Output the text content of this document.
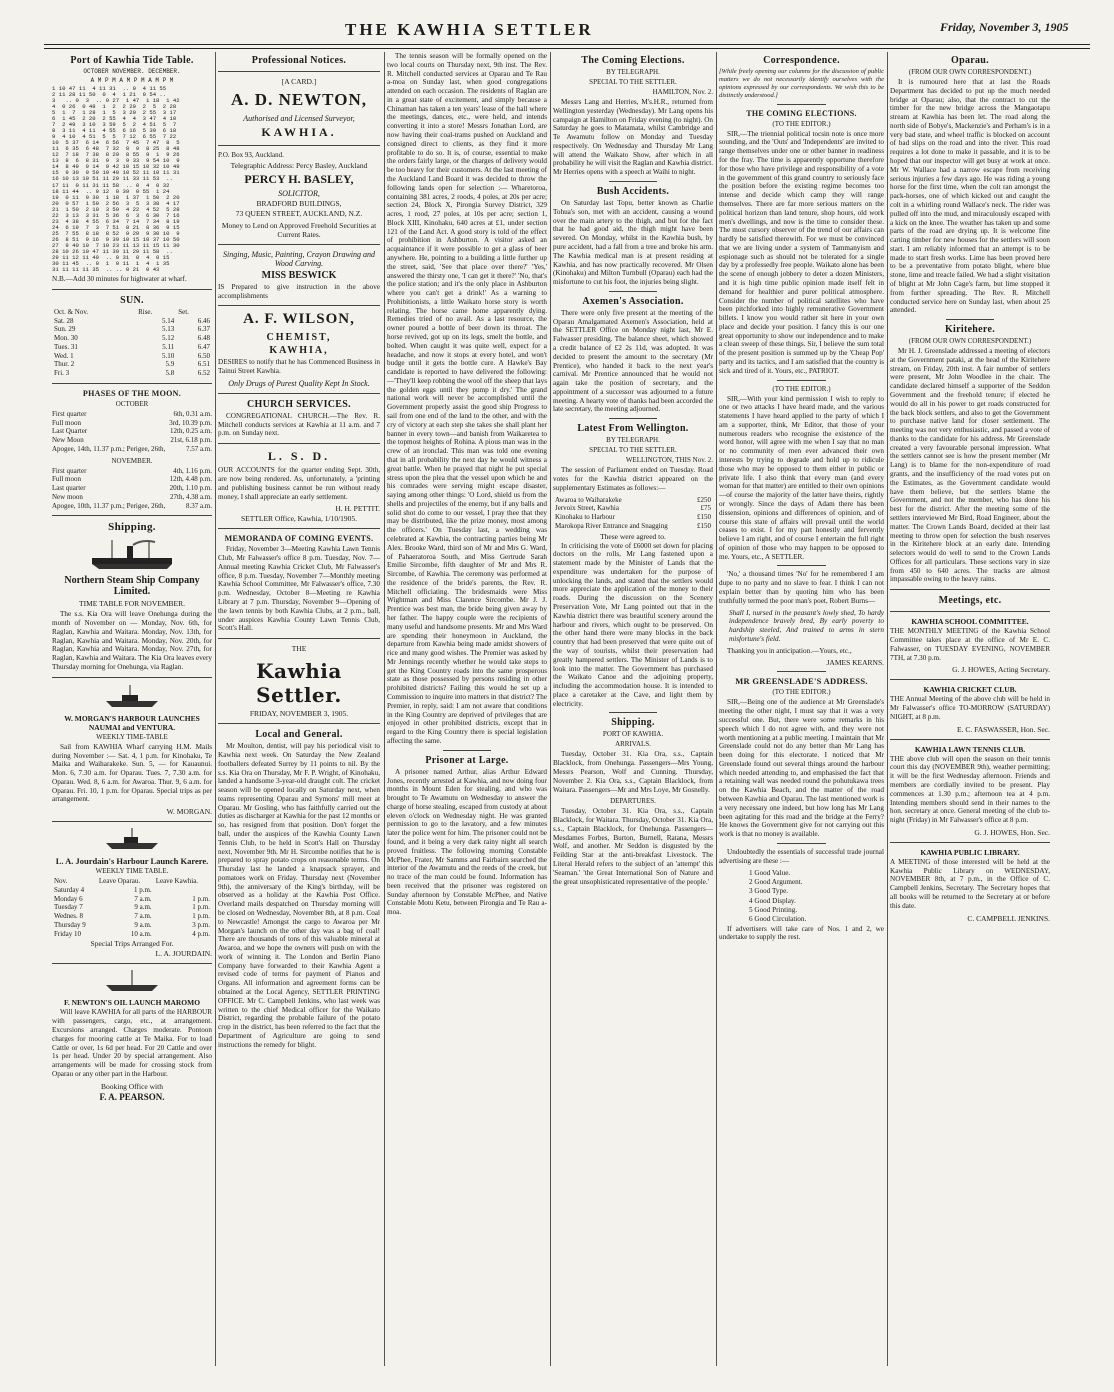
THE KAWHIA SETTLER	Friday, November 3, 1905
Port of Kawhia Tide Table.
OCTOBER NOVEMBER. DECEMBER.
A M P M A M P M A M P M
1 10 47 11  4 11 31  .. 0  4 11 55
2 11 28 11 50  0  4  1 21  0 54 ..
3   .. 0  3  .. 0 27  1 47  1 18  1 42
4  0 26  0 48  1  2  2 29  2  5  2 28
5  1  7  1 28  1  5  3 20  2 55  3 17
6  1 45  2 20  2 55  4  4  3 47  4 10
7  2 49  3 10  3 59  5  2  4 51  5  7
8  3 11  4 11  4 55  6 16  5 39  6 18
9  4 10  4 51  5  5  7 12  6 55  7 22
10  5 37  6 14  6 56  7 45  7 47  8  5
11  6 35  6 48  7 32  8  9  8 25  8 48
12  7 18  7 38  8 29  8 55  9  1  9 26
13  8  6  8 31  9  3  9 33  9 54 10  9
14  8 49  9 14  9 42 10 15 10 32 10 49
15  9 30  9 59 10 40 10 52 11 10 11 31
16 10 13 10 51 11 20 11 33 11 53  ..
17 11  0 11 31 11 58  .. 0  4  0 32
18 11 44  .. 0 12  0 39  0 55  1 24
19  0 11  0 30  1 18  1 37  1 50  2 20
20  0 57  1 50  2 56  3  5  3 38  4 17
21  1 50  2 10  3 59  4 22  4 52  5 28
22  3 13  3 31  5 36  6  3  6 30  7 16
23  4 38  4 55  6 34  7 14  7 34  8 19
24  6 19  7  3  7 51  8 21  8 36  9 15
25  7 55  8 18  8 52  9 29  9 30 10  9
26  8 51  9 16  9 39 10 15 10 37 10 50
27  9 40 10  7 10 23 11 13 11 15 11 30
28 10 26 10 47 11 39 11 29 11 58  ..
29 11 12 11 49  .. 0 31  0  4  0 15
30 11 45  .. 0  1  0 11  1  4  1 35
31 11 11 11 35  .. .. 0 21  0 43
N.B.—Add 30 minutes for highwater at wharf.
SUN.
Oct. & Nov.	Rise.	Set.
Sat. 28	5.14	6.46
Sun. 29	5.13	6.37
Mon. 30	5.12	6.48
Tues. 31	5.11	6.47
Wed. 1	5.10	6.50
Thur. 2	5.9	6.51
Fri. 3	5.8	6.52
PHASES OF THE MOON.
OCTOBER
First quarter	6th, 0.31 a.m.
Full moon	3rd, 10.39 p.m.
Last Quarter	12th, 0.25 a.m.
New Moon	21st, 6.18 p.m.
Apogee, 14th, 11.37 p.m.; Perigee, 26th,	7.57 a.m.
NOVEMBER.
First quarter	4th, 1.16 p.m.
Full moon	12th, 4.48 p.m.
Last quarter	20th, 1.10 p.m.
New moon	27th, 4.38 a.m.
Apogee, 10th, 11.37 p.m.; Perigee, 26th,	8.37 a.m.
Shipping.
Northern Steam Ship Company Limited.
TIME TABLE FOR NOVEMBER.
The s.s. Kia Ora will leave Onehunga during the month of November on — Monday, Nov. 6th, for Raglan, Kawhia and Waitara. Monday, Nov. 13th, for Raglan, Kawhia and Waitara. Monday, Nov. 20th, for Raglan, Kawhia and Waitara. Monday, Nov. 27th, for Raglan, Kawhia and Waitara. The Kia Ora leaves every Thursday morning for Onehunga, via Raglan.
W. MORGAN'S HARBOUR LAUNCHES NAUMAI and VENTURA.
WEEKLY TIME-TABLE
Sail from KAWHIA Wharf carrying H.M. Mails during November :— Sat. 4, 1 p.m. for Kinohaku, Te Maika and Waiharakeke. Sun. 5, — for Kauaunui. Mon. 6, 7.30 a.m. for Oparau. Tues. 7, 7.30 a.m. for Oparau. Wed. 8, 6 a.m. for Awaroa. Thur. 9, 6 a.m. for Oparau. Fri. 10, 1 p.m. for Oparau. Special trips as per arrangement.
W. MORGAN.
L. A. Jourdain's Harbour Launch Karere.
WEEKLY TIME TABLE.
Nov.	Leave Oparau.	Leave Kawhia.
Saturday 4	1 p.m.	
Monday 6	7 a.m.	1 p.m.
Tuesday 7	9 a.m.	1 p.m.
Wednes. 8	7 a.m.	1 p.m.
Thursday 9	9 a.m.	3 p.m.
Friday 10	10 a.m.	4 p.m.
Special Trips Arranged For.
L. A. JOURDAIN.
F. NEWTON'S OIL LAUNCH MAROMO
Will leave KAWHIA for all parts of the HARBOUR with passengers, cargo, etc., at arrangement. Excursions arranged. Charges moderate. Pontoon charges for mooring cattle at Te Maika. For to load Cattle or over, 1s 6d per head. For 20 Cattle and over 1s per head. Under 20 by special arrangement. Also arrangements will be made for crossing stock from Oparau or any other part in the Harbour.
Booking Office with
F. A. PEARSON.
Professional Notices.
[A CARD.]
A. D. NEWTON,
Authorised and Licensed Surveyor,
KAWHIA.
P.O. Box 93, Auckland.
Telegraphic Address: Percy Basley, Auckland
PERCY H. BASLEY,
SOLICITOR,
BRADFORD BUILDINGS,
73 QUEEN STREET, AUCKLAND, N.Z.
Money to Lend on Approved Freehold Securities at Current Rates.
Singing, Music, Painting, Crayon Drawing and Wood Carving.
MISS BESWICK
IS Prepared to give instruction in the above accomplishments
A. F. WILSON,
CHEMIST,
KAWHIA,
DESIRES to notify that he has Commenced Business in Tainui Street Kawhia.
Only Drugs of Purest Quality Kept In Stock.
CHURCH SERVICES.
CONGREGATIONAL CHURCH.—The Rev. R. Mitchell conducts services at Kawhia at 11 a.m. and 7 p.m. on Sunday next.
L. S. D.
OUR ACCOUNTS for the quarter ending Sept. 30th, are now being rendered. As, unfortunately, a 'printing and publishing business cannot be run without ready money, I shall appreciate an early settlement.
H. H. PETTIT.
SETTLER Office, Kawhia, 1/10/1905.
MEMORANDA OF COMING EVENTS.
Friday, November 3—Meeting Kawhia Lawn Tennis Club, Mr Falwasser's office 8 p.m. Tuesday, Nov. 7—Annual meeting Kawhia Cricket Club, Mr Falwasser's office, 8 p.m. Tuesday, November 7—Monthly meeting Kawhia School Committee, Mr Falwasser's office, 7.30 p.m. Wednesday, October 8—Meeting re Kawhia Library at 7 p.m. Thursday, November 9—Opening of the lawn tennis by both Kawhia Clubs, at 2 p.m., ball, under auspices Kawhia County Lawn Tennis Club, Scott's Hall.
THE
Kawhia Settler.
FRIDAY, NOVEMBER 3, 1905.
Local and General.
Mr Moulton, dentist, will pay his periodical visit to Kawhia next week. On Saturday the New Zealand footballers defeated Surrey by 11 points to nil. By the s.s. Kia Ora on Thursday, Mr F. P. Wright, of Kinohaku, landed a handsome 3-year-old draught colt. The cricket season will be opened locally on Saturday next, when teams representing Oparau and Symons' mill meet at Oparau. Mr Gosling, who has faithfully carried out the duties as discharger at Kawhia for the past 12 months or so, has resigned from that position. Don't forget the ball, under the auspices of the Kawhia County Lawn Tennis Club, to be held in Scott's Hall on Thursday next, November 9th. Mr H. Sircombe notifies that he is prepared to spray potato crops on reasonable terms. On Thursday last he landed a knapsack sprayer, and pomatoes work on Friday. Thursday next (November 9th), the anniversary of the King's birthday, will be observed as a holiday at the Kawhia Post Office. Overland mails despatched on Thursday morning will be closed on Wednesday, November 8th, at 8 p.m. Coal to Newcastle! Amongst the cargo to Awaroa per Mr Morgan's launch on the other day was a bag of coal! There are thousands of tons of this valuable mineral at Awaroa, and we hope the owners will push on with the work of winning it. The London and Berlin Piano Company have forwarded to their Kawhia Agent a revised code of terms for payment of Pianos and Organs. All information and agreement forms can be obtained at the Local Agency, SETTLER PRINTING OFFICE. Mr C. Campbell Jenkins, who last week was written to the chief Medical officer for the Waikato District, regarding the probable failure of the potato crop in the district, has been referred to the fact that the Department of Agriculture are going to send instructions the remedy for blight.
The tennis season will be formally opened on the two local courts on Thursday next, 9th inst. The Rev. R. Mitchell conducted services at Oparau and Te Rau a-moa on Sunday last, when good congregations attended on each occasion. The residents of Raglan are in a great state of excitement, and simply because a Chinaman has taken a ten years' lease of the hall where the meetings, dances, etc., were held, and intends converting it into a store! Messrs Jonathan Lord, are now having their coal-trams pushed on Auckland and consigned direct to clients, as they find it more profitable to do so. It is, of course, essential to make the orders fairly large, or the charges of delivery would be too heavy for their customers. At the last meeting of the Auckland Land Board it was decided to throw the following lands open for selection :— Wharetoroa, containing 381 acres, 2 roods, 4 poles, at 20s per acre; section 24, Block X, Pirongia Survey District, 329 acres, 1 rood, 27 poles, at 10s per acre; section 1, Block XIII, Kinohaku, 640 acres at £1, under section 121 of the Land Act. A good story is told of the effect of prohibition in Ashburton. A visitor asked an acquaintance if it were possible to get a glass of beer anywhere. He, pointing to a building a little further up the street, said, 'See that place over there?' 'Yes,' answered the thirsty one, 'I can get it there?' 'No, that's the police station; and it's the only place in Ashburton where you can't get a drink!' As a warning to Prohibitionists, a little Waikato horse story is worth relating. The horse came home apparently dying. Remedies tried of no avail. As a last resource, the owner poured a bottle of beer down its throat. The horse revived, got up on its legs, smelt the bottle, and bolted. When caught it was quite well, expect for a headache, and now it stops at every hotel, and won't budge until it gets the bottle cure. A Hawke's Bay candidate is reported to have delivered the following:—'They'll keep robbing the wool off the sheep that lays the golden eggs until they pump it dry.' The grand national work will never be accomplished until the Government properly assist the good ship Progress to sail from one end of the land to the other, and with the cry of victory at each step she takes she shall plant her banner in every town—and banish from Waikaretea to the topmost heights of Rohina. A pious man was in the crew of an ironclad. This man was told one evening that in all probability the next day he would witness a great battle. When he prayed that night he put special stress upon the plea that the vessel upon which he and his comrades were serving might escape disaster, saying among other things: 'O Lord, shield us from the shells and projectiles of the enemy, but if any balls and solid shot do come to our vessel, I pray thee that they may be distributed, like the prize money, most among the officers.' On Tuesday last, a wedding was celebrated at Kawhia, the contracting parties being Mr Alex. Brooke Ward, third son of Mr and Mrs G. Ward, of Pahaeratoroa South, and Miss Gertrude Sarah Emilie Sircombe, fifth daughter of Mr and Mrs R. Sircombe, of Kawhia. The ceremony was performed at the residence of the bride's parents, the Rev. R. Mitchell officiating. The bridesmaids were Miss Wightman and Miss Clarence Sircombe. Mr J. J. Prentice was best man, the bride being given away by her father. The happy couple were the recipients of many useful and handsome presents. Mr and Mrs Ward are spending their honeymoon in Auckland, the departure from Kawhia being made amidst showers of rice and many good wishes. The Premier was asked by Mr Jennings recently whether he would take steps to get the King Country roads into the same prosperous state as those possessed by persons residing in other prohibited districts? Failing this would he set up a Commission to inquire into matters in that district? The Premier, in reply, said: I am not aware that conditions in the King Country are deprived of privileges that are enjoyed in other prohibited districts, except that in regard to the King Country there is special legislation affecting the same.
Prisoner at Large.
A prisoner named Arthur, alias Arthur Edward Jones, recently arrested at Kawhia, and now doing four months in Mount Eden for stealing, and who was brought to Te Awamutu on Wednesday to answer the charge of horse stealing, escaped from custody at about eleven o'clock on Wednesday night. He was granted permission to go to the lavatory, and a few minutes later the police went for him. The prisoner could not be found, and it being a very dark rainy night all search proved fruitless. The following morning Constable McPhee, Frater, Mr Samms and Fairbairn searched the interior of the Awamutu and the reeds of the creek, but no trace of the man could be found. Information has been received that the prisoner was registered on Sunday afternoon by Constable McPhee, and Native Constable Motu Ketu, between Pirongia and Te Rau a-moa.
The Coming Elections.
BY TELEGRAPH.
SPECIAL TO THE SETTLER.
HAMILTON, Nov. 2.
Messrs Lang and Herries, M's.H.R., returned from Wellington yesterday (Wednesday). Mr Lang opens his campaign at Hamilton on Friday evening (to night). On Saturday he goes to Matamata, whilst Cambridge and Te Awamutu follow on Monday and Tuesday respectively. On Wednesday and Thursday Mr Lang will attend the Waikato Show, after which in all probability he will visit the Raglan and Kawhia district. Mr Herries opens with a speech at Waihi to night.
Bush Accidents.
On Saturday last Topu, better known as Charlie Tohua's son, met with an accident, causing a wound over the main artery to the thigh, and but for the fact that he had good aid, the thigh might have been severed. On Monday, whilst in the Kawhia bush, by pure accident, had a fall from a tree and broke his arm. The Kawhia medical man is at present residing at Kawhia, and has now practically recovered. Mr Olsen (Kinohaku) and Milton Turnbull (Oparau) each had the misfortune to cut his foot, the injuries being slight.
Axemen's Association.
There were only five present at the meeting of the Oparau Amalgamated Axemen's Association, held at the SETTLER Office on Monday night last, Mr E. Falwasser presiding. The balance sheet, which showed a credit balance of £2 2s 11d, was adopted. It was decided to present the amount to the secretary (Mr Prentice), who handed it back to the next year's carnival. Mr Prentice announced that he would not again take the position of secretary, and the appointment of a successor was adjourned to a future meeting. A hearty vote of thanks had been accorded the late secretary, the meeting adjourned.
Latest From Wellington.
BY TELEGRAPH.
SPECIAL TO THE SETTLER.
WELLINGTON, THIS Nov. 2.
The session of Parliament ended on Tuesday. Road votes for the Kawhia district appeared on the supplementary Estimates as follows:—
Awaroa to Waiharakeke	£250
Jervoix Street, Kawhia	£75
Kinohaku to Harbour	£150
Marokopa River Entrance and Snagging	£150
These were agreed to.
In criticising the vote of £6000 set down for placing doctors on the rolls, Mr Lang fastened upon a statement made by the Minister of Lands that the expenditure was undertaken for the purpose of unlocking the lands, and stated that the settlers would more appreciate the application of the money to their roads. During the discussion on the Scenery Preservation Vote, Mr Lang pointed out that in the Kawhia district there was beautiful scenery around the harbour and rivers, which ought to be preserved. On the other hand there were many blocks in the back country that had been preserved that were quite out of the way of tourists, whilst their preservation had greatly hampered settlers. The Minister of Lands is to look into the matter. The Government has purchased the Waikato Canoe and the adjoining property, including the accommodation house. It is intended to place a caretaker at the Cave, and light them by electricity.
Shipping.
PORT OF KAWHIA.
ARRIVALS.
Tuesday, October 31. Kia Ora, s.s., Captain Blacklock, from Onehunga. Passengers—Mrs Young, Messrs Pearson, Wolf and Cunning. Thursday, November 2. Kia Ora, s.s., Captain Blacklock, from Waitara. Passengers—Mr and Mrs Loye, Mr Gosnelly.
DEPARTURES.
Tuesday, October 31. Kia Ora, s.s., Captain Blacklock, for Waitara. Thursday, October 31. Kia Ora, s.s., Captain Blacklock, for Onehunga. Passengers—Mesdames Forbes, Burton, Burnell, Ratana, Messrs Wolf, and another. Mr Seddon is disgusted by the Feilding Star at the anti-breakfast Livestock. The Literal Herald refers to the subject of an 'attempt' this 'Seaman.' 'the Great International Son of Nature and the great unsophisticated representative of the people.'
Correspondence.
[While freely opening our columns for the discussion of public matters we do not necessarily identify ourselves with the opinions expressed by our correspondents. We wish this to be distinctly understood.]
THE COMING ELECTIONS.
(TO THE EDITOR.)
SIR,—The triennial political tocsin note is once more sounding, and the 'Outs' and 'Independents' are invited to range themselves under one or other banner in readiness for the fray. The time is apparently opportune therefore for those who have privilege and responsibility of a vote in the government of this grand country to seriously face the position before the existing regime becomes too intense and decide which camp they will range themselves. There are far more serious matters on the political horizon than land tenure, shop hours, old work men's dwellings, and now is the time to consider these. The most cursory observer of the trend of our affairs can hardly be satisfied therewith. For we must be convinced that we are living under a system of Tammanyism and espionage such as should not be tolerated for a single day by a professedly free people. Waikato alone has been the scene of enough jobbery to deter a dozen Ministers, and it is high time public opinion made itself felt in demand for healthier and purer political atmosphere. Consider the number of political satellites who have been pitchforked into highly remunerative Government billets. I know you would rather sit here in your own place and decide your position. I fancy this is our one great opportunity to show our independence and to make a clean sweep of these things. Sir, I believe the sum total of the present position is summed up by the 'Cheap Pop' party and its tactics, and I am satisfied that the country is sick and tired of it. Yours, etc., PATRIOT.
(TO THE EDITOR.)
SIR,—With your kind permission I wish to reply to one or two attacks I have heard made, and the various statements I have heard applied to the party of which I am a supporter, think, Mr Editor, that those of your numerous readers who recognise the existence of the word honor, will agree with me when I say that no man or no community of men ever advanced their own interests by trying to degrade and hold up to ridicule those who may be opposed to them either in public or private life. I also think that every man (and every woman for that matter) are entitled to their own opinions—of course the majority of the latter have theirs, rightly or wrongly. Since the days of Adam there has been dissension, opinions and differences of opinion, and of course this state of affairs will prevail until the world ceases to exist. I for my part honestly and fervently believe I am right, and of course I entertain the full right of opinion of those who may happen to be opposed to me. Yours, etc., A SETTLER.
'No,' a thousand times 'No' for he remembered I am dupe to no party and no slave to fear. I think I can not explain better than by quoting him who has been truthfully termed the poor man's poet, Robert Burns—
Shall I, nursed in the peasant's lowly shed, To hardy independence bravely bred, By early poverty to hardship steeled, And trained to arms in stern misfortune's field.
Thanking you in anticipation.—Yours, etc.,
JAMES KEARNS.
MR GREENSLADE'S ADDRESS.
(TO THE EDITOR.)
SIR,—Being one of the audience at Mr Greenslade's meeting the other night, I must say that it was a very successful one. But, there were some remarks in his speech which I do not agree with, and they were not worth mentioning at a public meeting. I maintain that Mr Greenslade could not do any better than Mr Lang has been doing for this electorate. I noticed that Mr Greenslade found out several things around the harbour which needed attending to, and emphasised the fact that a retaining wall was needed round the pohutukawa trees on the Kawhia Beach, and the matter of the road between Kawhia and Oparau. The last mentioned work is a very necessary one indeed, but how long has Mr Lang been agitating for this road and the bridge at the Ferry? He knows the Government give for not carrying out this work is that no money is available.
Undoubtedly the essentials of successful trade journal advertising are these :—
1 Good Value.
2 Good Argument.
3 Good Type.
4 Good Display.
5 Good Printing.
6 Good Circulation.
If advertisers will take care of Nos. 1 and 2, we undertake to supply the rest.
Oparau.
(FROM OUR OWN CORRESPONDENT.)
It is rumoured here that at last the Roads Department has decided to put up the much needed bridge at Oparau; also, that the contract to cut the timber for the new bridge across the Mangaotapu stream at Kawhia has been let. The road along the north side of Bobye's, Mackenzie's and Perham's is in a very bad state, and wheel traffic is blocked on account of bad slips on the road and into the river. This road requires a lot done to make it passable, and it is to be hoped that our inspector will get busy at work at once. Mr W. Wallace had a narrow escape from receiving serious injuries a few days ago. He was riding a young horse for the first time, when the colt ran amongst the pack-horses, one of which kicked out and caught the colt in a whirling round Wallace's neck. The rider was pulled off into the mud, and miraculously escaped with a kick on the knee. The weather has taken up and some parts of the road are drying up. It is welcome fine carting timber for new houses for the settlers will soon start. I am reliably informed that an attempt is to be made to start fresh works. Lime has been proved here to be a preventative from potato blight, where blue stone, lime and treacle failed. We had a slight visitation of blight at Mr John Cage's farm, but lime stopped it from further spreading. The Rev. R. Mitchell conducted service here on Sunday last, when about 25 attended.
Kiritehere.
(FROM OUR OWN CORRESPONDENT.)
Mr H. J. Greenslade addressed a meeting of electors at the Government pataki, at the head of the Kiritehere stream, on Friday, 20th inst. A fair number of settlers were present, Mr John Woodlee in the chair. The candidate declared himself a supporter of the Seddon Government and the freehold tenure; if elected he would do all in his power to get roads constructed for the back block settlers, and also to get the Government to purchase native land for closer settlement. The meeting was not very enthusiastic, and passed a vote of thanks to the candidate for his address. Mr Greenslade created a very favourable personal impression. What the settlers cannot see is how the present member (Mr Lang) is to blame for the non-expenditure of road grants, and the insufficiency of the road votes put on the Estimates, as the Government candidate would have them believe, but the settlers blame the Government, and not the member, who has done his best for the district. After the meeting some of the settlers interviewed Mr Bird, Road Engineer, about the matter. The Crown Lands Board, decided at their last meeting to throw open for selection the bush reserves in the Kiritehere block at an early date. Intending selectors would do well to send to the Crown Lands Offices for all particulars. These sections vary in size from 450 to 640 acres. The tracks are almost impassable owing to the heavy rains.
Meetings, etc.
KAWHIA SCHOOL COMMITTEE.
THE MONTHLY MEETING of the Kawhia School Committee takes place at the office of Mr E. C. Falwasser, on TUESDAY EVENING, NOVEMBER 7TH, at 7.30 p.m.
G. J. HOWES, Acting Secretary.
KAWHIA CRICKET CLUB.
THE Annual Meeting of the above club will be held in Mr Falwasser's office TO-MORROW (SATURDAY) NIGHT, at 8 p.m.
E. C. FASWASSER, Hon. Sec.
KAWHIA LAWN TENNIS CLUB.
THE above club will open the season on their tennis court this day (NOVEMBER 9th), weather permitting; it will be the first Wednesday afternoon. Friends and members are cordially invited to be present. Play commences at 1.30 p.m.; afternoon tea at 4 p.m. Intending members should send in their names to the hon. secretary at once. General meeting of the club to-night (Friday) in Mr Falwasser's office at 8 p.m.
G. J. HOWES, Hon. Sec.
KAWHIA PUBLIC LIBRARY.
A MEETING of those interested will be held at the Kawhia Public Library on WEDNESDAY, NOVEMBER 8th, at 7 p.m., in the Office of C. Campbell Jenkins, Secretary. The Secretary hopes that all books will be returned to the Secretary at or before this date.
C. CAMPBELL JENKINS.
